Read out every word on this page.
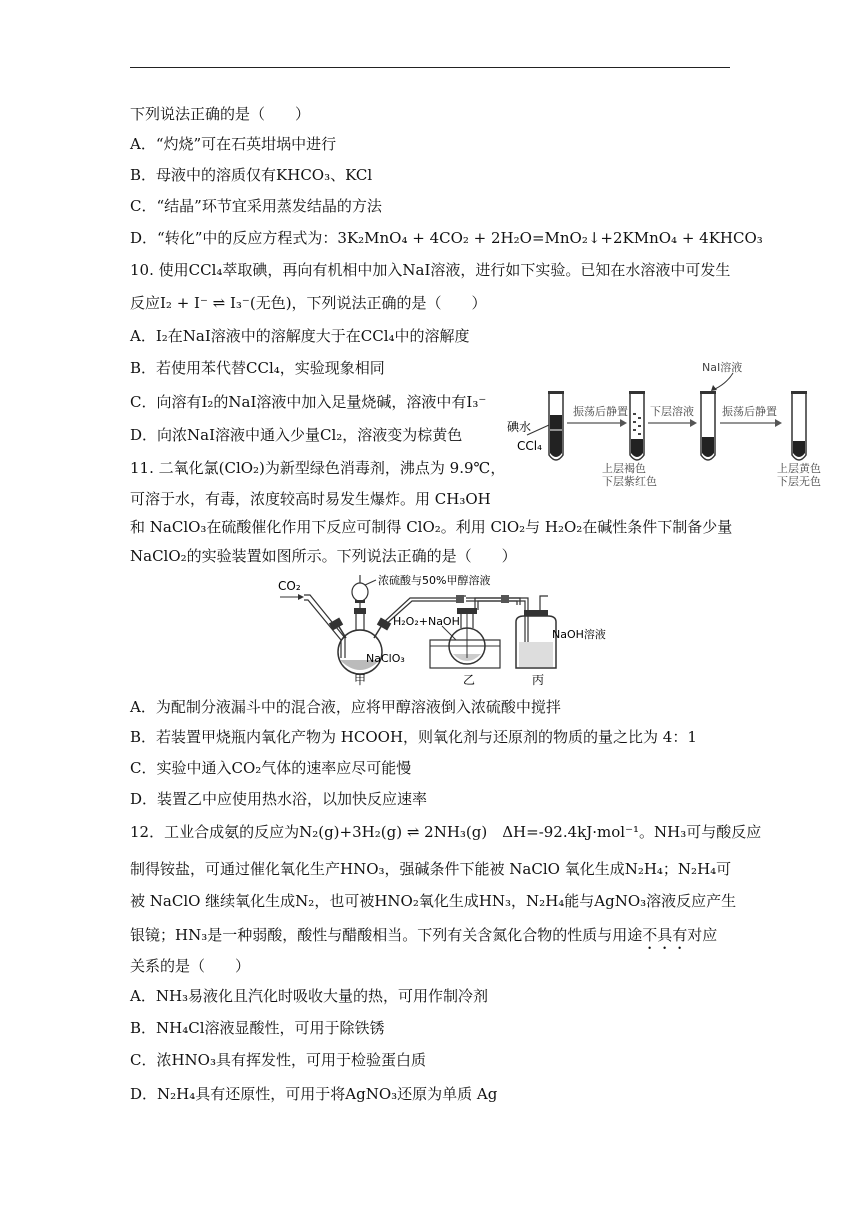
下列说法正确的是（　　）
A．“灼烧”可在石英坩埚中进行
B．母液中的溶质仅有KHCO₃、KCl
C．“结晶”环节宜采用蒸发结晶的方法
D．“转化”中的反应方程式为：3K₂MnO₄ + 4CO₂ + 2H₂O=MnO₂↓+2KMnO₄ + 4KHCO₃
10. 使用CCl₄萃取碘，再向有机相中加入NaI溶液，进行如下实验。已知在水溶液中可发生
反应I₂ + I⁻ ⇌ I₃⁻(无色)，下列说法正确的是（　　）
A．I₂在NaI溶液中的溶解度大于在CCl₄中的溶解度
B．若使用苯代替CCl₄，实验现象相同
C．向溶有I₂的NaI溶液中加入足量烧碱，溶液中有I₃⁻
D．向浓NaI溶液中通入少量Cl₂，溶液变为棕黄色	碘水
CCl₄
振荡后静置
上层褐色
下层紫红色
下层溶液
NaI溶液
振荡后静置
上层黄色
下层无色
11. 二氧化氯(ClO₂)为新型绿色消毒剂，沸点为 9.9℃，
可溶于水，有毒，浓度较高时易发生爆炸。用 CH₃OH
和 NaClO₃在硫酸催化作用下反应可制得 ClO₂。利用 ClO₂与 H₂O₂在碱性条件下制备少量
NaClO₂的实验装置如图所示。下列说法正确的是（　　）
CO₂
NaClO₃
浓硫酸与50%甲醇溶液
H₂O₂+NaOH
NaOH溶液
甲	乙	丙
A．为配制分液漏斗中的混合液，应将甲醇溶液倒入浓硫酸中搅拌
B．若装置甲烧瓶内氧化产物为 HCOOH，则氧化剂与还原剂的物质的量之比为 4：1
C．实验中通入CO₂气体的速率应尽可能慢
D．装置乙中应使用热水浴，以加快反应速率
12．工业合成氨的反应为N₂(g)+3H₂(g) ⇌ 2NH₃(g)　ΔH=-92.4kJ·mol⁻¹。NH₃可与酸反应
制得铵盐，可通过催化氧化生产HNO₃，强碱条件下能被 NaClO 氧化生成N₂H₄；N₂H₄可
被 NaClO 继续氧化生成N₂，也可被HNO₂氧化生成HN₃，N₂H₄能与AgNO₃溶液反应产生
银镜；HN₃是一种弱酸，酸性与醋酸相当。下列有关含氮化合物的性质与用途不具有对应
关系的是（　　）
A．NH₃易液化且汽化时吸收大量的热，可用作制冷剂
B．NH₄Cl溶液显酸性，可用于除铁锈
C．浓HNO₃具有挥发性，可用于检验蛋白质
D．N₂H₄具有还原性，可用于将AgNO₃还原为单质 Ag
